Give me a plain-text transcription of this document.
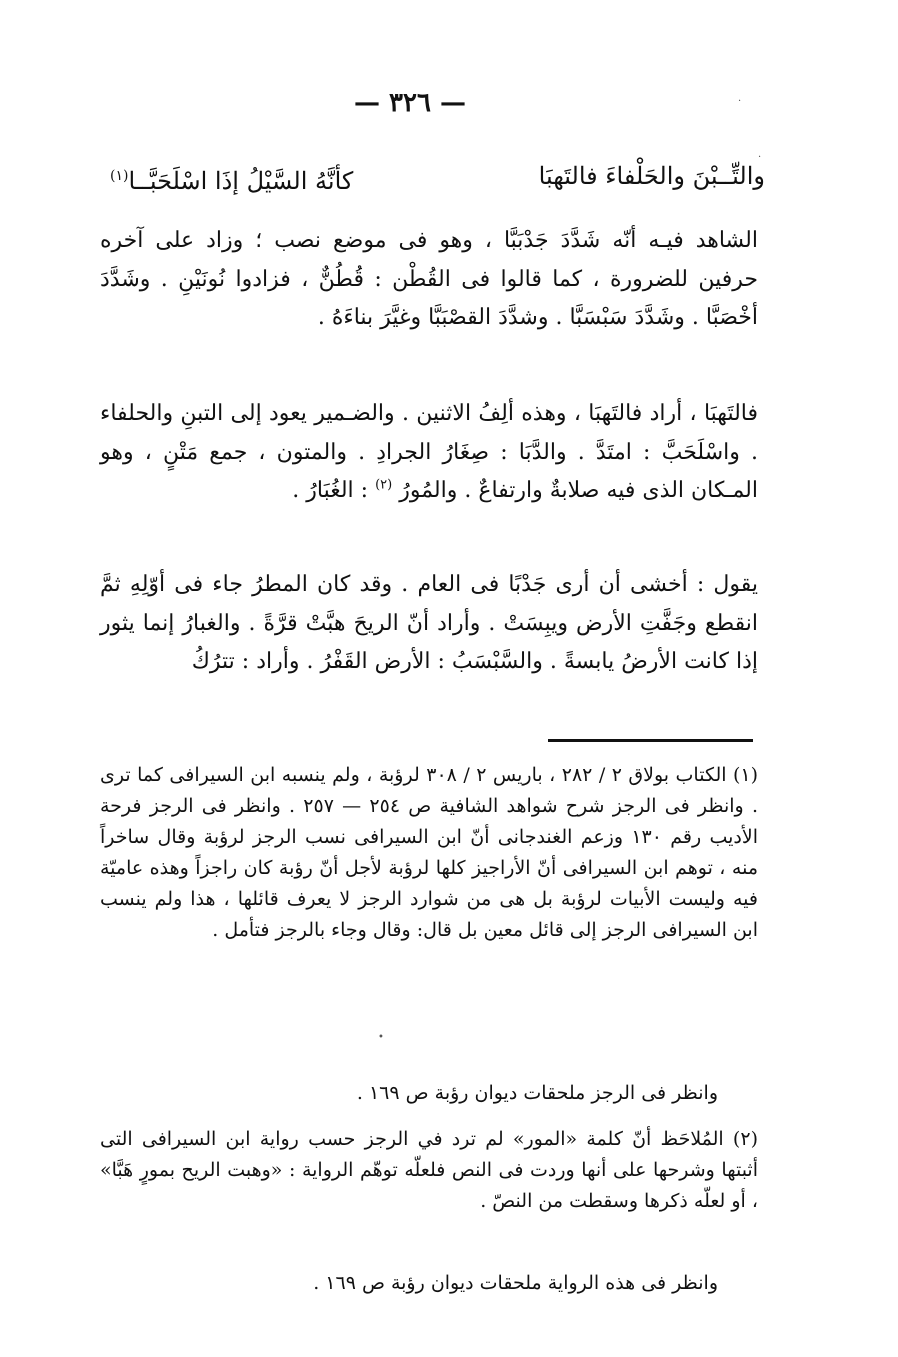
— ٣٢٦ —
والتِّــبْنَ والحَلْفاءَ فالتَهبَا
كأنَّهُ السَّيْلُ إذَا اسْلَحَبَّــا$^{(١)}$

الشاهد فيـه أنّه شَدَّدَ جَدْبَبَّا ، وهو فى موضع نصب ؛ وزاد على آخره حرفين للضرورة ، كما قالوا فى القُطْن : قُطُنٌّ ، فزادوا نُونَيْنِ . وشَدَّدَ أخْصَبَّا . وشَدَّدَ سَبْسَبَّا . وشدَّدَ القصْبَبَّا وغيَّرَ بناءَهُ .

فالتَهبَا ، أراد فالتَهبَا ، وهذه ألِفُ الاثنين . والضـمير يعود إلى التبنِ والحلفاء . واسْلَحَبَّ : امتَدَّ . والدَّبَا : صِغَارُ الجرادِ . والمتون ، جمع مَتْنٍ ، وهو المـكان الذى فيه صلابةٌ وارتفاعٌ . والمُورُ $^{(٢)}$ : الغُبَارُ .

يقول : أخشى أن أرى جَدْبًا فى العام . وقد كان المطرُ جاء فى أوّلِهِ ثمَّ انقطع وجَفَّتِ الأرض ويبِسَتْ . وأراد أنّ الريحَ هبَّتْ قرَّةً . والغبارُ إنما يثور إذا كانت الأرضُ يابسةً . والسَّبْسَبُ : الأرض القَفْرُ . وأراد : تترُكُ

(١) الكتاب بولاق ٢ / ٢٨٢ ، باريس ٢ / ٣٠٨ لرؤبة ، ولم ينسبه ابن السيرافى كما ترى . وانظر فى الرجز شرح شواهد الشافية ص ٢٥٤ — ٢٥٧ . وانظر فى الرجز فرحة الأديب رقم ١٣٠ وزعم الغندجانى أنّ ابن السيرافى نسب الرجز لرؤبة وقال ساخراً منه ، توهم ابن السيرافى أنّ الأراجيز كلها لرؤبة لأجل أنّ رؤبة كان راجزاً وهذه عاميّة فيه وليست الأبيات لرؤبة بل هى من شوارد الرجز لا يعرف قائلها ، هذا ولم ينسب ابن السيرافى الرجز إلى قائل معين بل قال: وقال وجاء بالرجز فتأمل .

وانظر فى الرجز ملحقات ديوان رؤبة ص ١٦٩ .

(٢) المُلاحَظ أنّ كلمة «المور» لم ترد في الرجز حسب رواية ابن السيرافى التى أثبتها وشرحها على أنها وردت فى النص فلعلّه توهّم الرواية : «وهبت الريح بمورٍ هَبَّا» ، أو لعلّه ذكرها وسقطت من النصّ .

وانظر فى هذه الرواية ملحقات ديوان رؤبة ص ١٦٩ .

·
·
•
